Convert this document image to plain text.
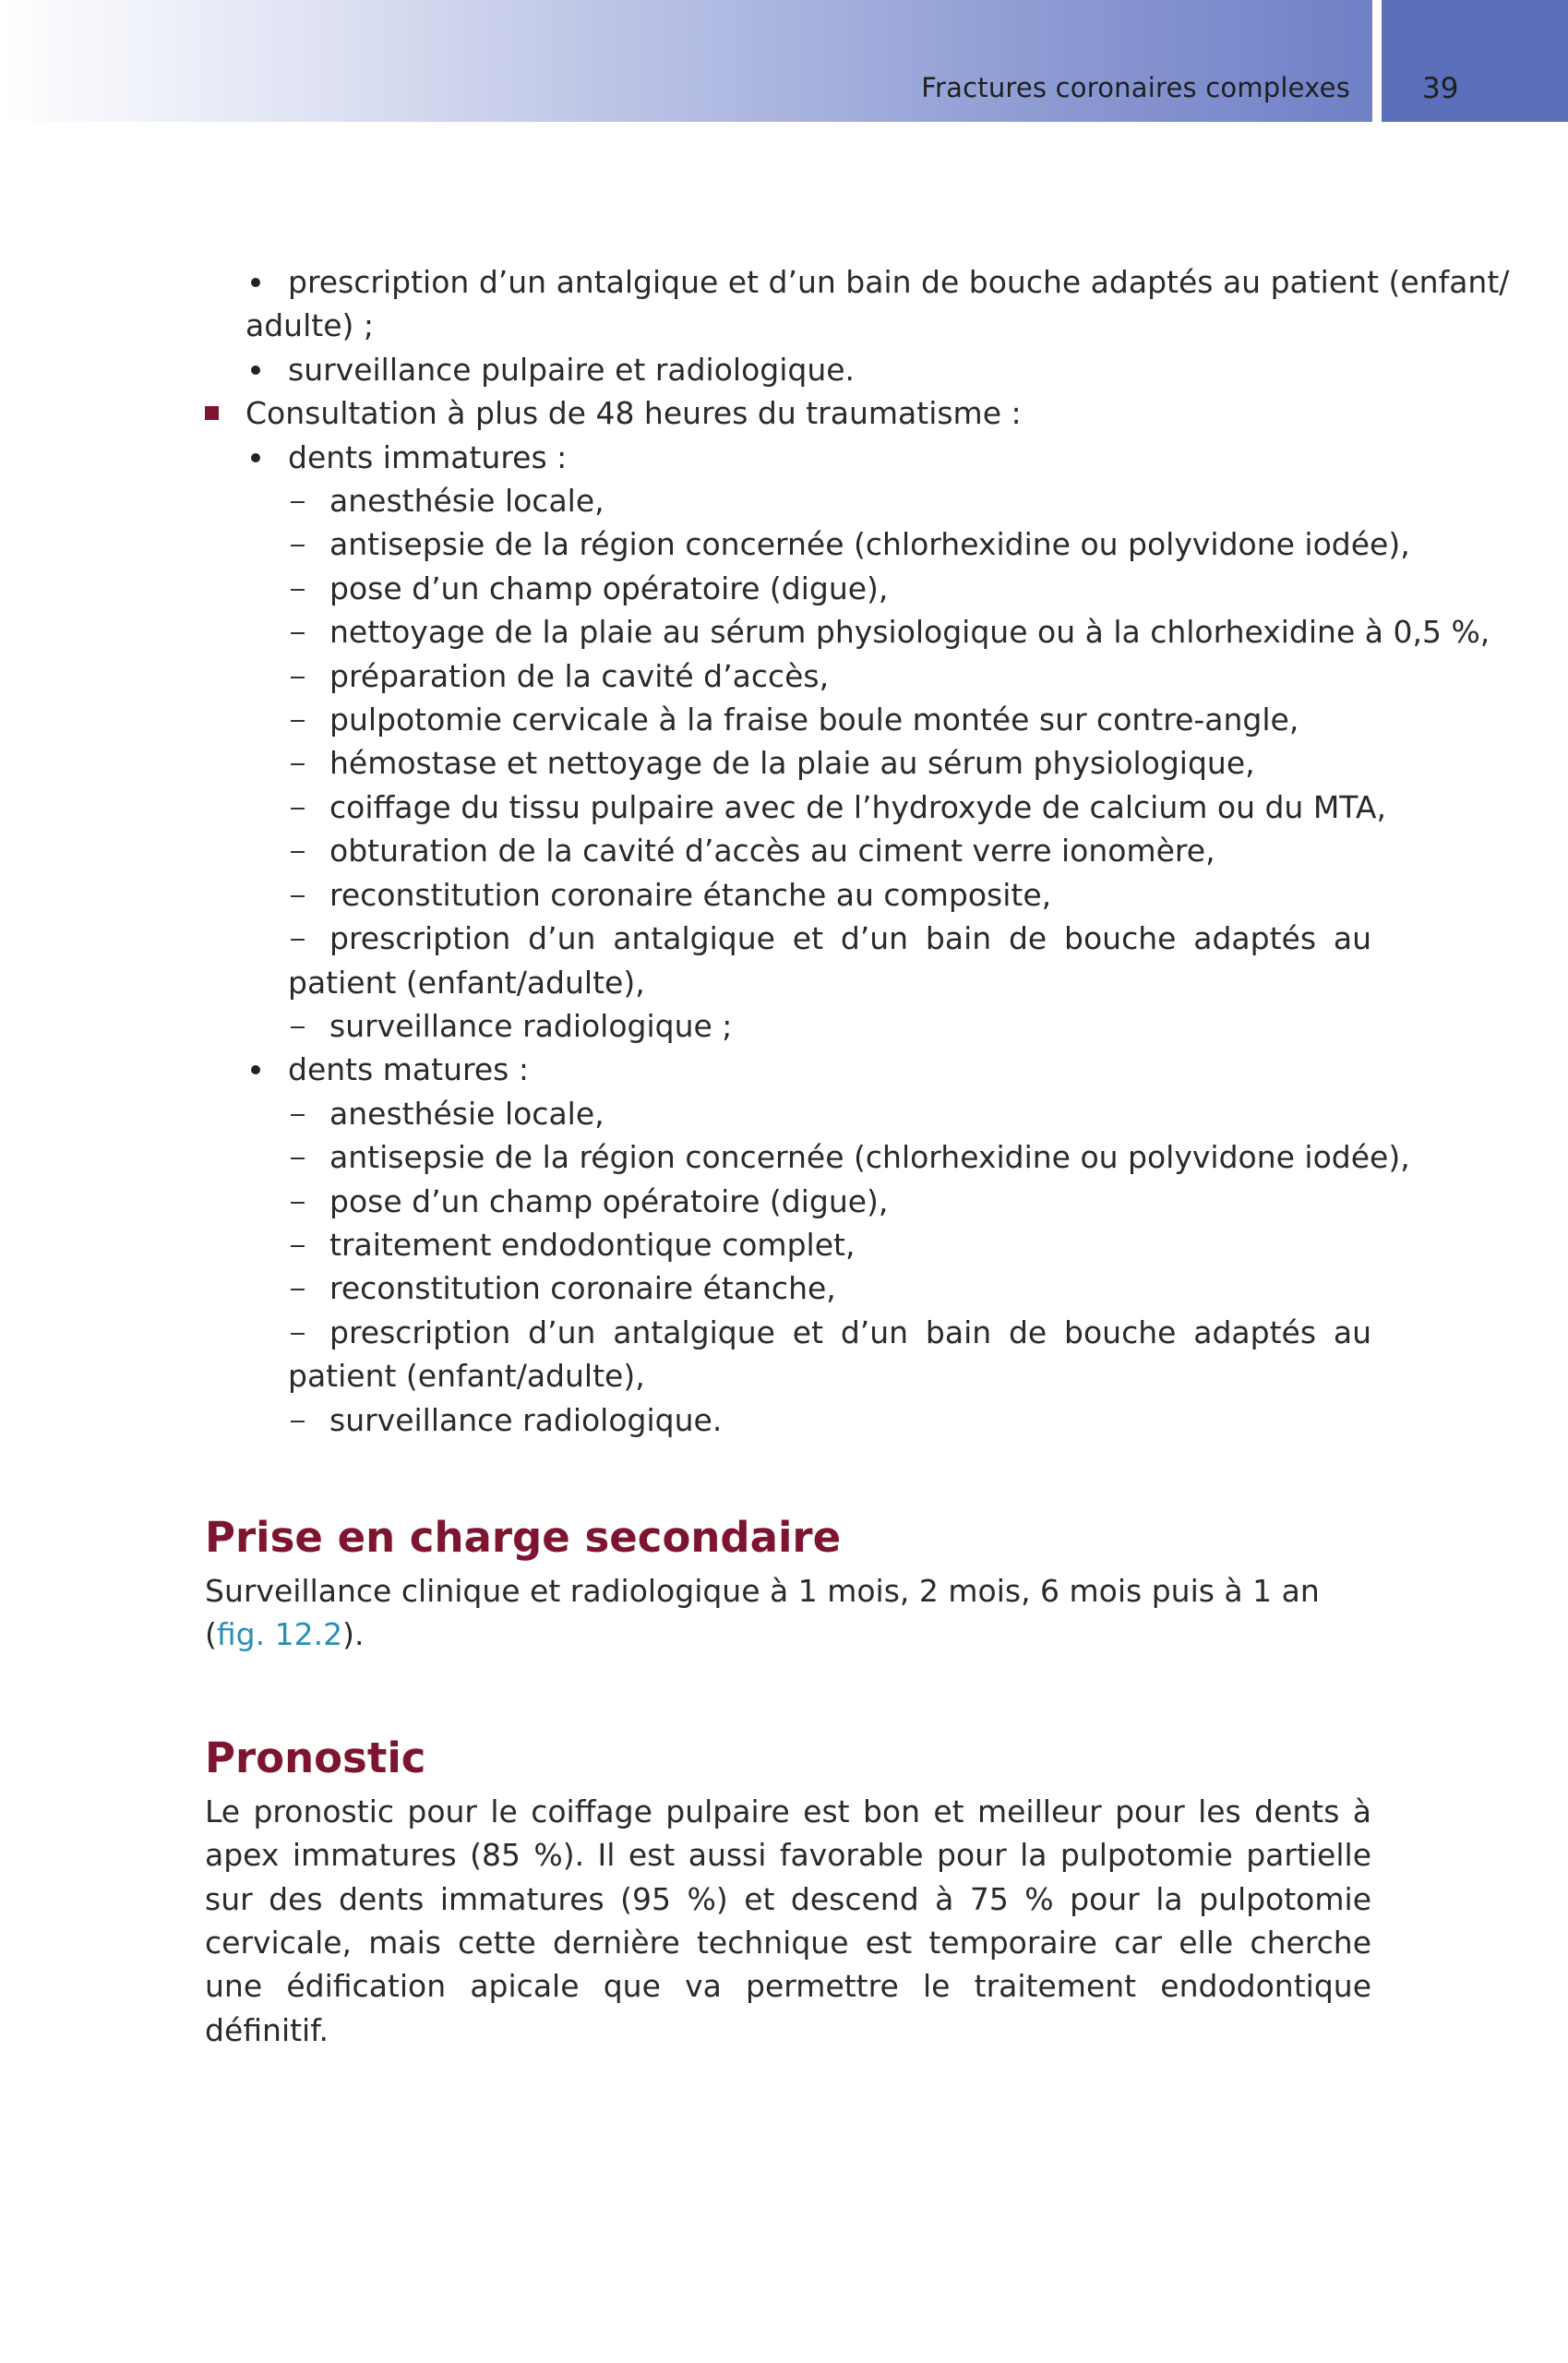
Fractures coronaires complexes	39
prescription d’un antalgique et d’un bain de bouche adaptés au patient (enfant/
adulte) ;
surveillance pulpaire et radiologique.
Consultation à plus de 48 heures du traumatisme :
dents immatures :
anesthésie locale,
antisepsie de la région concernée (chlorhexidine ou polyvidone iodée),
pose d’un champ opératoire (digue),
nettoyage de la plaie au sérum physiologique ou à la chlorhexidine à 0,5 %,
préparation de la cavité d’accès,
pulpotomie cervicale à la fraise boule montée sur contre-angle,
hémostase et nettoyage de la plaie au sérum physiologique,
coiffage du tissu pulpaire avec de l’hydroxyde de calcium ou du MTA,
obturation de la cavité d’accès au ciment verre ionomère,
reconstitution coronaire étanche au composite,
prescription d’un antalgique et d’un bain de bouche adaptés au patient (enfant/adulte),
surveillance radiologique ;
dents matures :
anesthésie locale,
antisepsie de la région concernée (chlorhexidine ou polyvidone iodée),
pose d’un champ opératoire (digue),
traitement endodontique complet,
reconstitution coronaire étanche,
prescription d’un antalgique et d’un bain de bouche adaptés au patient (enfant/adulte),
surveillance radiologique.
Prise en charge secondaire
Surveillance clinique et radiologique à 1 mois, 2 mois, 6 mois puis à 1 an (fig. 12.2).
Pronostic
Le pronostic pour le coiffage pulpaire est bon et meilleur pour les dents à apex immatures (85 %). Il est aussi favorable pour la pulpotomie partielle sur des dents immatures (95 %) et descend à 75 % pour la pulpotomie cervicale, mais cette dernière technique est temporaire car elle cherche une édification apicale que va permettre le traitement endodontique définitif.
